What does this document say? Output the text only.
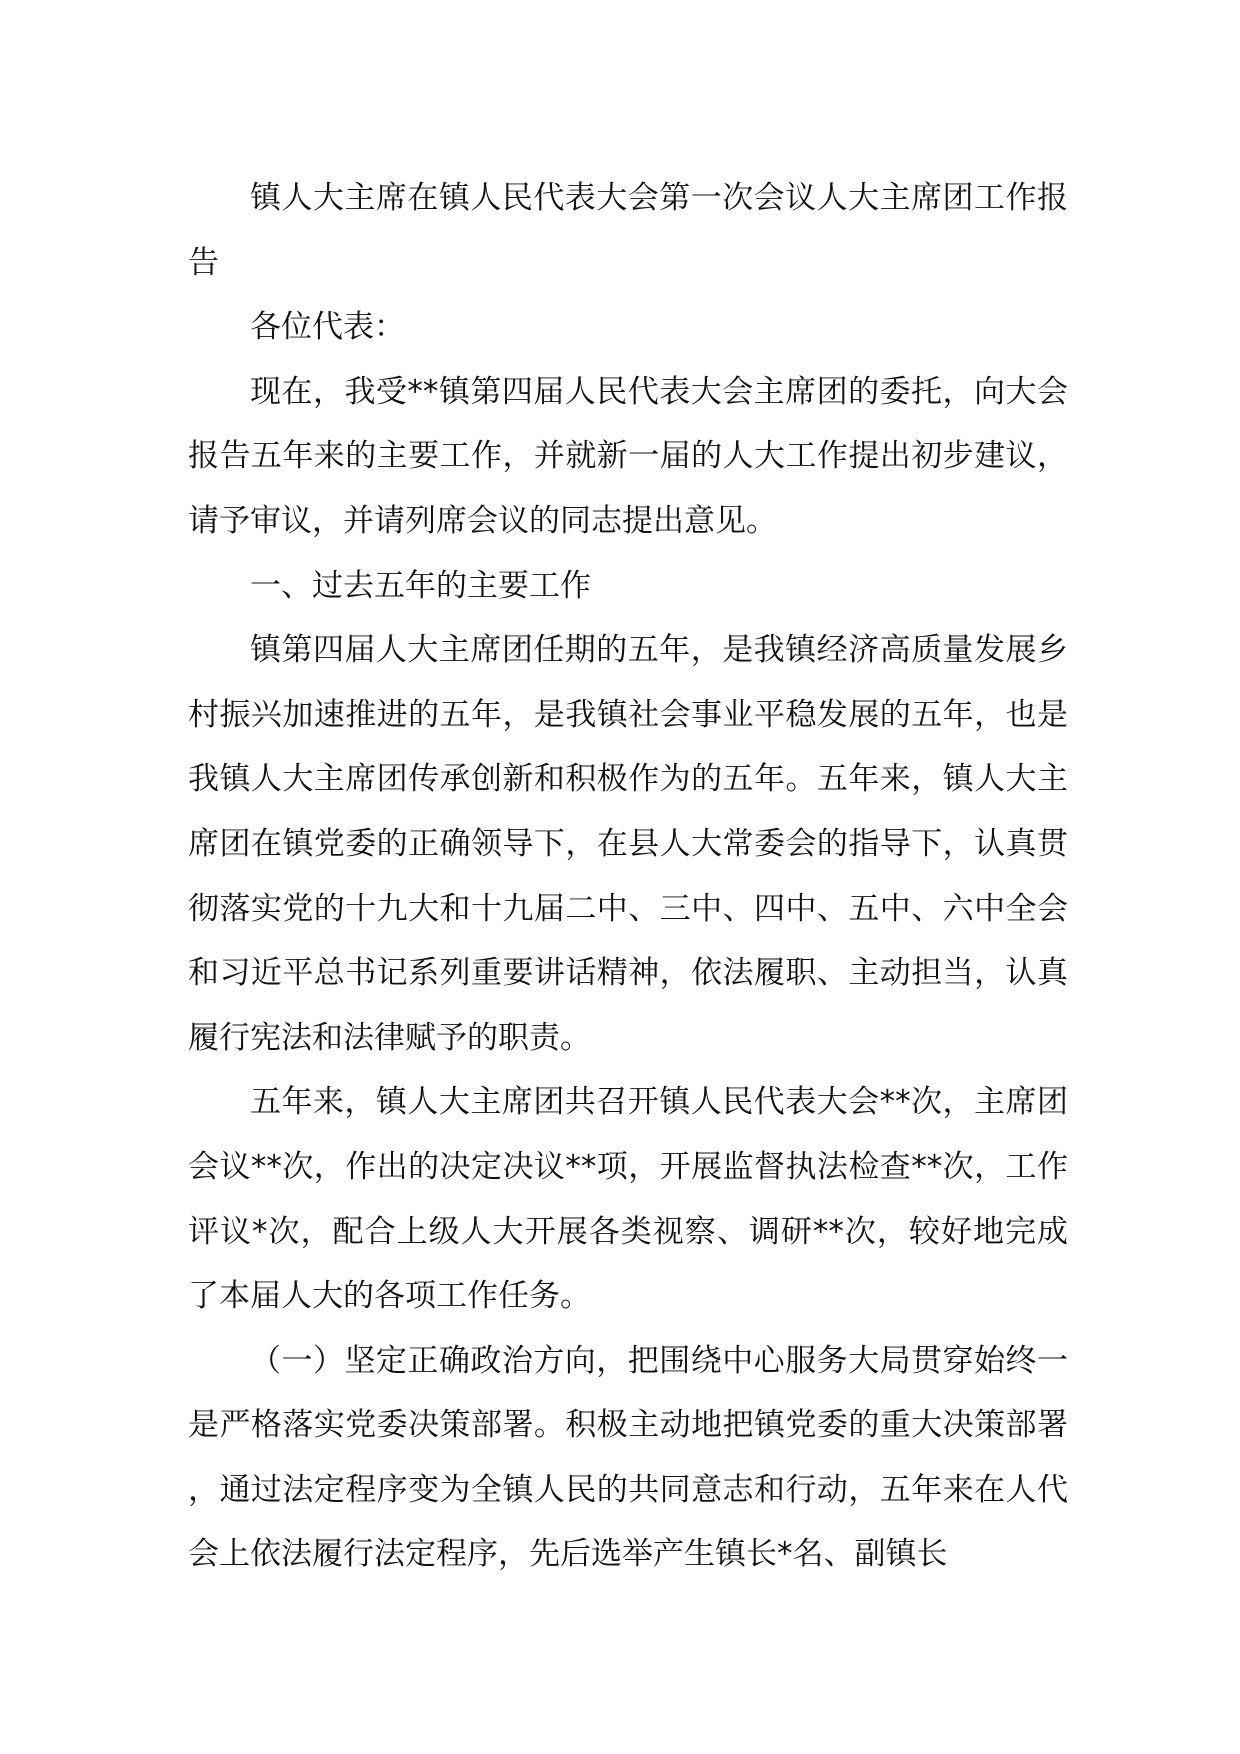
镇人大主席在镇人民代表大会第一次会议人大主席团工作报告

各位代表：

现在，我受**镇第四届人民代表大会主席团的委托，向大会报告五年来的主要工作，并就新一届的人大工作提出初步建议，请予审议，并请列席会议的同志提出意见。

一、过去五年的主要工作

镇第四届人大主席团任期的五年，是我镇经济高质量发展乡村振兴加速推进的五年，是我镇社会事业平稳发展的五年，也是我镇人大主席团传承创新和积极作为的五年。五年来，镇人大主席团在镇党委的正确领导下，在县人大常委会的指导下，认真贯彻落实党的十九大和十九届二中、三中、四中、五中、六中全会和习近平总书记系列重要讲话精神，依法履职、主动担当，认真履行宪法和法律赋予的职责。

五年来，镇人大主席团共召开镇人民代表大会**次，主席团会议**次，作出的决定决议**项，开展监督执法检查**次，工作评议*次，配合上级人大开展各类视察、调研**次，较好地完成了本届人大的各项工作任务。

（一）坚定正确政治方向，把围绕中心服务大局贯穿始终一是严格落实党委决策部署。积极主动地把镇党委的重大决策部署，通过法定程序变为全镇人民的共同意志和行动，五年来在人代会上依法履行法定程序，先后选举产生镇长*名、副镇长
